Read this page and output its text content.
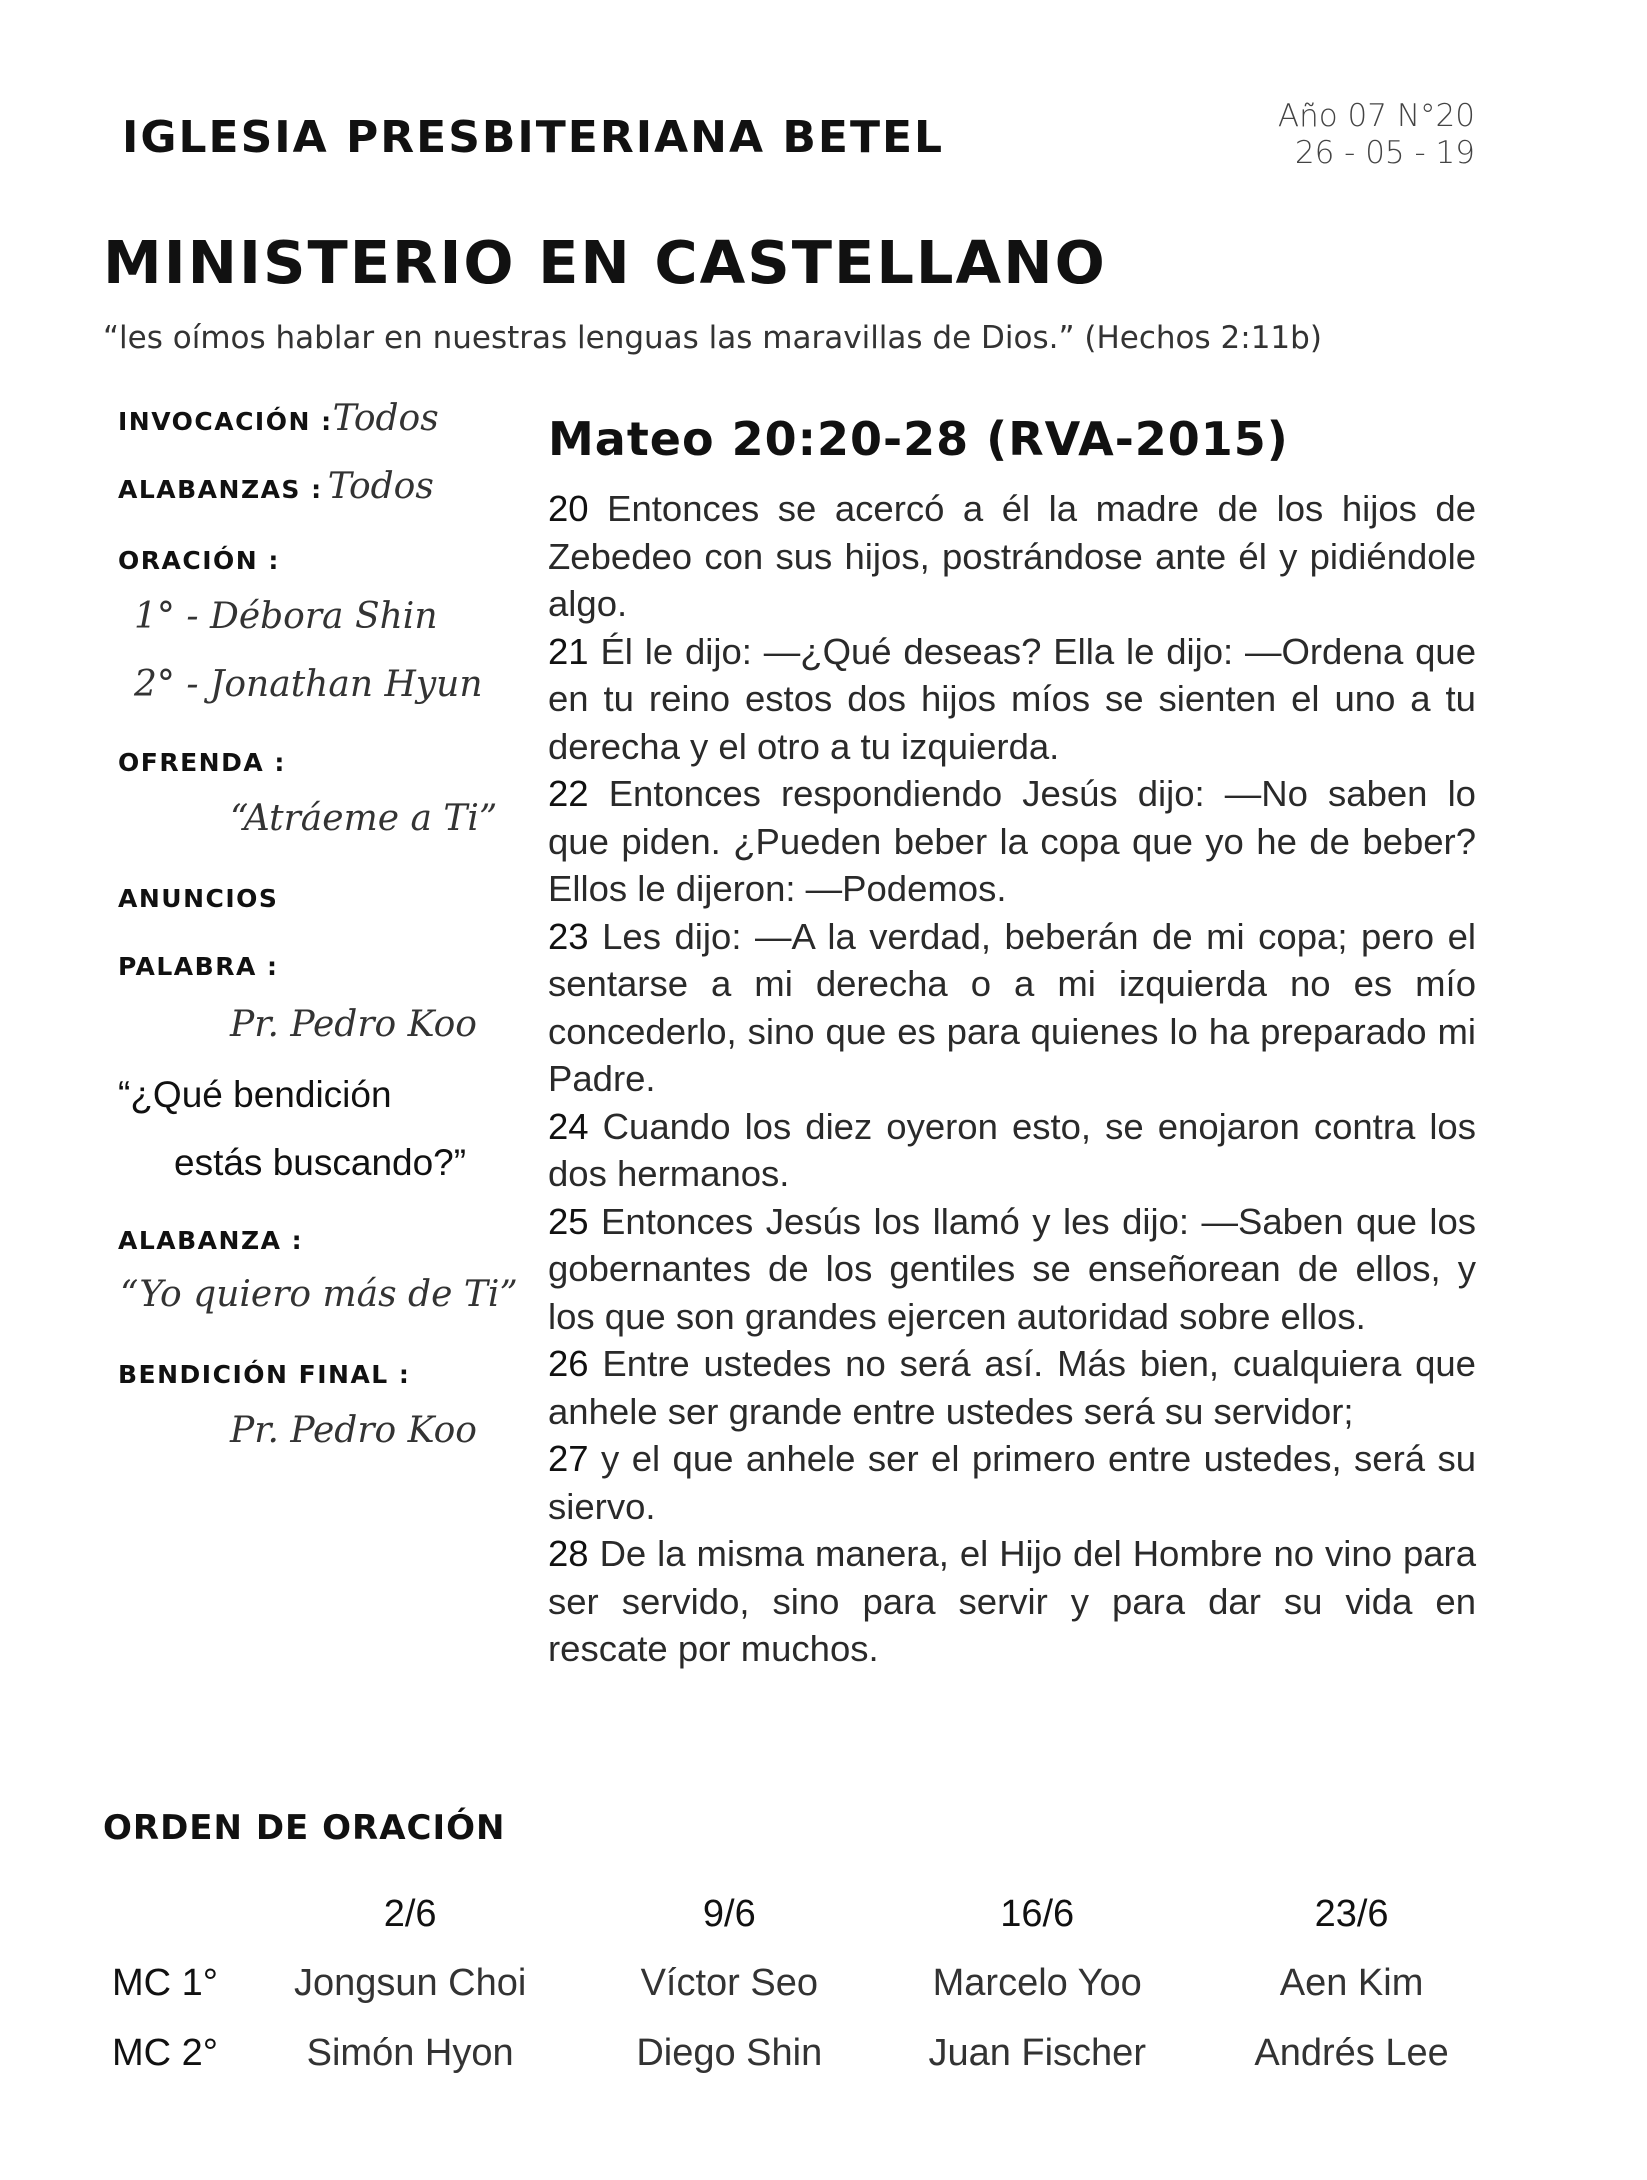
IGLESIA PRESBITERIANA BETEL	Año 07 N°20
26 - 05 - 19
MINISTERIO EN CASTELLANO
“les oímos hablar en nuestras lenguas las maravillas de Dios.” (Hechos 2:11b)
INVOCACIÓN :Todos
ALABANZAS : Todos
ORACIÓN :
1° - Débora Shin
2° - Jonathan Hyun
OFRENDA :
“Atráeme a Ti”
ANUNCIOS
PALABRA :
Pr. Pedro Koo
“¿Qué bendición
estás buscando?”
ALABANZA :
“Yo quiero más de Ti”
BENDICIÓN FINAL :
Pr. Pedro Koo
Mateo 20:20-28 (RVA-2015)

20 Entonces se acercó a él la madre de los hijos de Zebedeo con sus hijos, postrándose ante él y pidiéndole algo.

21 Él le dijo: —¿Qué deseas? Ella le dijo: —Ordena que en tu reino estos dos hijos míos se sienten el uno a tu derecha y el otro a tu izquierda.

22 Entonces respondiendo Jesús dijo: —No saben lo que piden. ¿Pueden beber la copa que yo he de beber? Ellos le dijeron: —Podemos.

23 Les dijo: —A la verdad, beberán de mi copa; pero el sentarse a mi derecha o a mi izquierda no es mío concederlo, sino que es para quienes lo ha preparado mi Padre.

24 Cuando los diez oyeron esto, se enojaron contra los dos hermanos.

25 Entonces Jesús los llamó y les dijo: —Saben que los gobernantes de los gentiles se enseñorean de ellos, y los que son grandes ejercen autoridad sobre ellos.

26 Entre ustedes no será así. Más bien, cualquiera que anhele ser grande entre ustedes será su servidor;

27 y el que anhele ser el primero entre ustedes, será su siervo.

28 De la misma manera, el Hijo del Hombre no vino para ser servido, sino para servir y para dar su vida en rescate por muchos.

ORDEN DE ORACIÓN
	2/6	9/6	16/6	23/6
MC 1°	Jongsun Choi	Víctor Seo	Marcelo Yoo	Aen Kim
MC 2°	Simón Hyon	Diego Shin	Juan Fischer	Andrés Lee
